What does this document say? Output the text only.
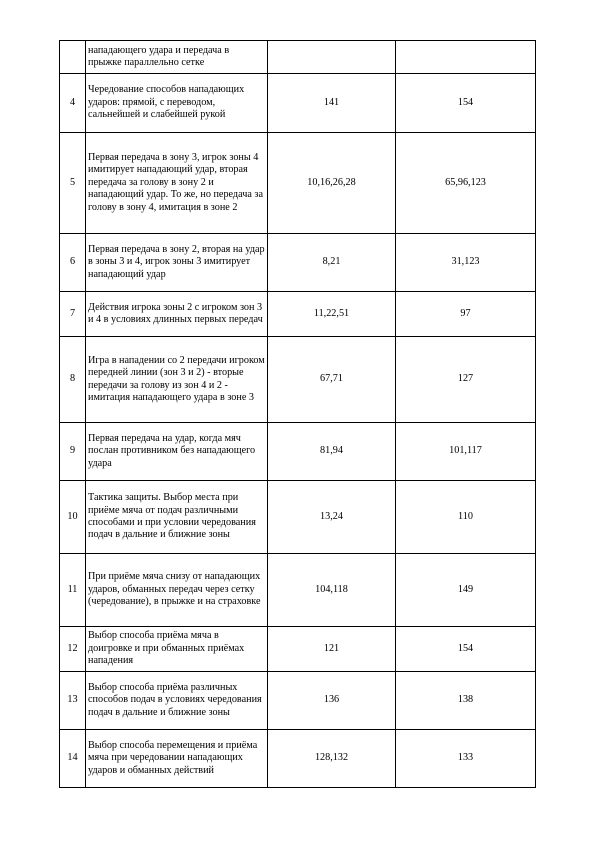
	нападающего удара и передача в прыжке параллельно сетке		
4	Чередование способов нападающих ударов: прямой, с переводом, сальнейшей и слабейшей рукой	141	154
5	Первая передача в зону 3, игрок зоны 4 имитирует нападающий удар, вторая передача за голову в зону 2 и нападающий удар. То же, но передача за голову в зону 4, имитация в зоне 2	10,16,26,28	65,96,123
6	Первая передача в зону 2, вторая на удар в зоны 3 и 4, игрок зоны 3 имитирует нападающий удар	8,21	31,123
7	Действия игрока зоны 2 с игроком зон 3 и 4 в условиях длинных первых передач	11,22,51	97
8	Игра в нападении со 2 передачи игроком передней линии (зон 3 и 2) - вторые передачи за голову из зон 4 и 2 - имитация нападающего удара в зоне 3	67,71	127
9	Первая передача на удар, когда мяч послан противником без нападающего удара	81,94	101,117
10	Тактика защиты. Выбор места при приёме мяча от подач различными способами и при условии чередования подач в дальние и ближние зоны	13,24	110
11	При приёме мяча снизу от нападающих ударов, обманных передач через сетку (чередование), в прыжке и на страховке	104,118	149
12	Выбор способа приёма мяча в доигровке и при обманных приёмах нападения	121	154
13	Выбор способа приёма различных способов подач в условиях чередования подач в дальние и ближние зоны	136	138
14	Выбор способа перемещения и приёма мяча при чередовании нападающих ударов и обманных действий	128,132	133
